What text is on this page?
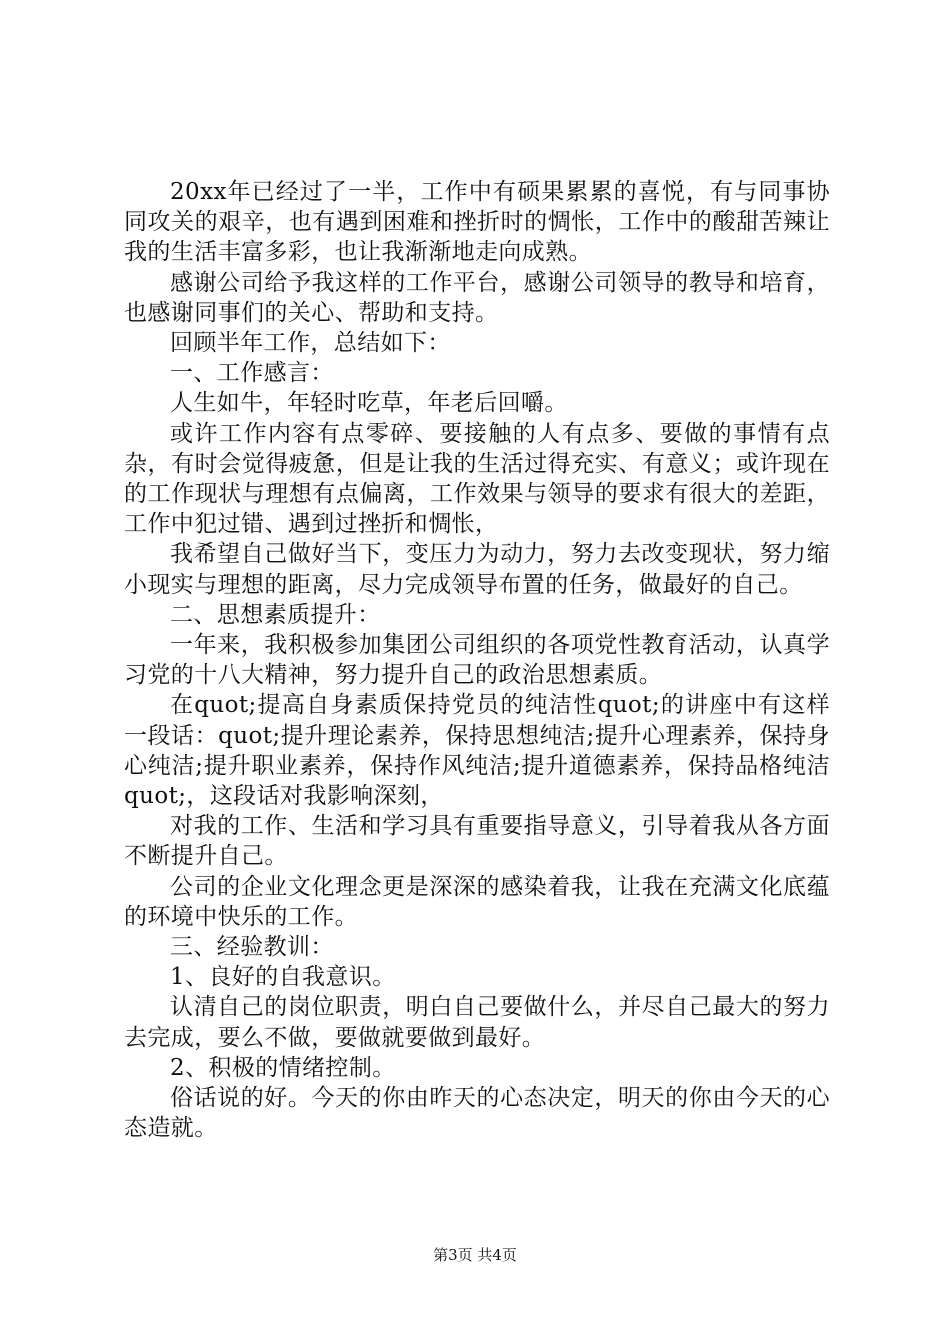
20xx年已经过了一半，工作中有硕果累累的喜悦，有与同事协同攻关的艰辛，也有遇到困难和挫折时的惆怅，工作中的酸甜苦辣让我的生活丰富多彩，也让我渐渐地走向成熟。

感谢公司给予我这样的工作平台，感谢公司领导的教导和培育，也感谢同事们的关心、帮助和支持。

回顾半年工作，总结如下：

一、工作感言：

人生如牛，年轻时吃草，年老后回嚼。

或许工作内容有点零碎、要接触的人有点多、要做的事情有点杂，有时会觉得疲惫，但是让我的生活过得充实、有意义；或许现在的工作现状与理想有点偏离，工作效果与领导的要求有很大的差距，工作中犯过错、遇到过挫折和惆怅，

我希望自己做好当下，变压力为动力，努力去改变现状，努力缩小现实与理想的距离，尽力完成领导布置的任务，做最好的自己。

二、思想素质提升：

一年来，我积极参加集团公司组织的各项党性教育活动，认真学习党的十八大精神，努力提升自己的政治思想素质。

在quot;提高自身素质保持党员的纯洁性quot;的讲座中有这样一段话：quot;提升理论素养，保持思想纯洁;提升心理素养，保持身心纯洁;提升职业素养，保持作风纯洁;提升道德素养，保持品格纯洁quot;，这段话对我影响深刻，

对我的工作、生活和学习具有重要指导意义，引导着我从各方面不断提升自己。

公司的企业文化理念更是深深的感染着我，让我在充满文化底蕴的环境中快乐的工作。

三、经验教训：

1、良好的自我意识。

认清自己的岗位职责，明白自己要做什么，并尽自己最大的努力去完成，要么不做，要做就要做到最好。

2、积极的情绪控制。

俗话说的好。今天的你由昨天的心态决定，明天的你由今天的心态造就。

第3页 共4页
